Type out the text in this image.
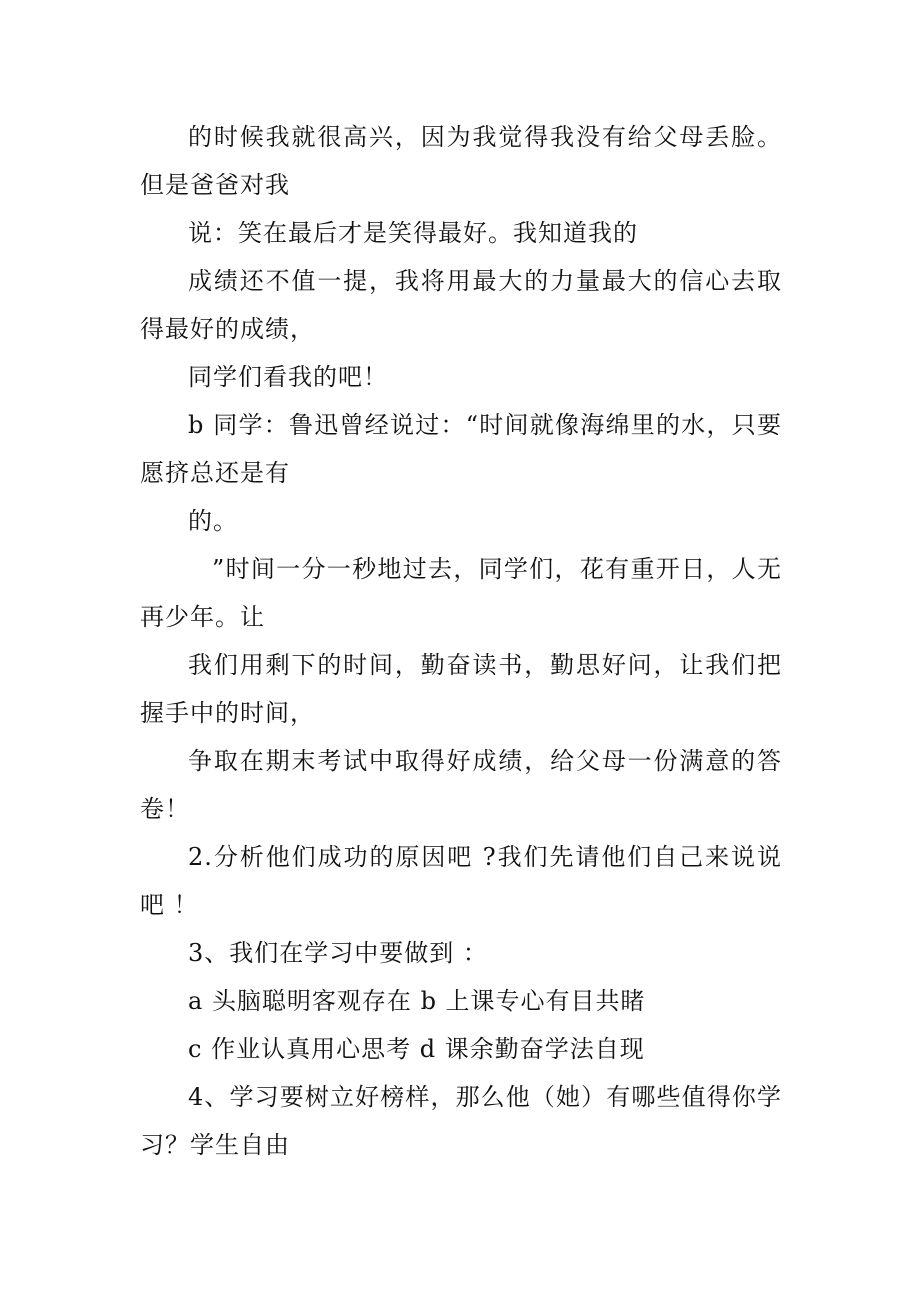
的时候我就很高兴，因为我觉得我没有给父母丢脸。但是爸爸对我

说：笑在最后才是笑得最好。我知道我的

成绩还不值一提，我将用最大的力量最大的信心去取得最好的成绩，

同学们看我的吧！

b 同学：鲁迅曾经说过：“时间就像海绵里的水，只要愿挤总还是有

的。

”时间一分一秒地过去，同学们，花有重开日，人无再少年。让

我们用剩下的时间，勤奋读书，勤思好问，让我们把握手中的时间，

争取在期末考试中取得好成绩，给父母一份满意的答卷！

2.分析他们成功的原因吧 ?我们先请他们自己来说说吧 ！

3、我们在学习中要做到 ：

a 头脑聪明客观存在 b 上课专心有目共睹

c 作业认真用心思考 d 课余勤奋学法自现

4、学习要树立好榜样，那么他（她）有哪些值得你学习？学生自由
